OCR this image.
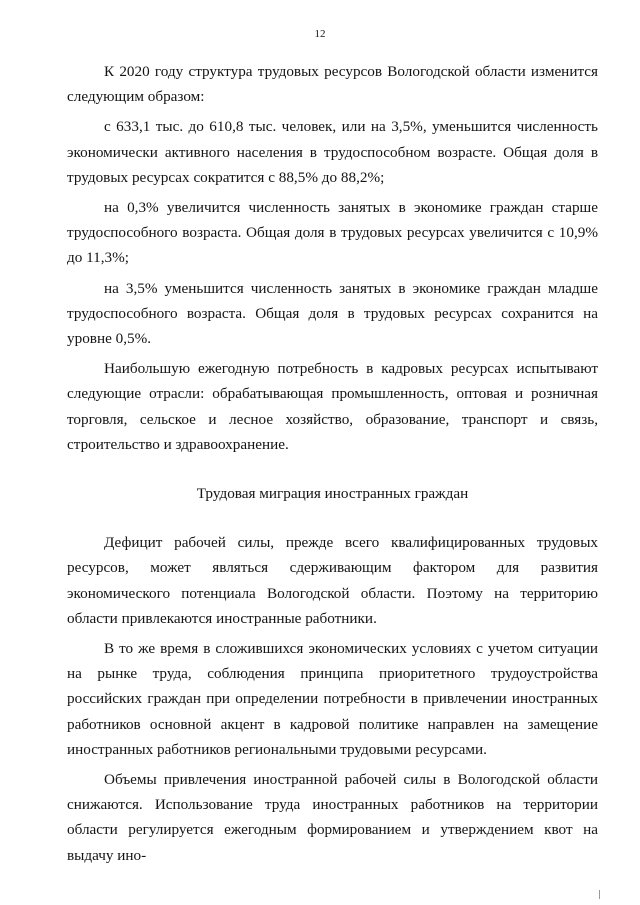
12

К 2020 году структура трудовых ресурсов Вологодской области изменится следующим образом:

с 633,1 тыс. до 610,8 тыс. человек, или на 3,5%, уменьшится численность экономически активного населения в трудоспособном возрасте. Общая доля в трудовых ресурсах сократится с 88,5% до 88,2%;

на 0,3% увеличится численность занятых в экономике граждан старше трудоспособного возраста. Общая доля в трудовых ресурсах увеличится с 10,9% до 11,3%;

на 3,5% уменьшится численность занятых в экономике граждан младше трудоспособного возраста. Общая доля в трудовых ресурсах сохранится на уровне 0,5%.

Наибольшую ежегодную потребность в кадровых ресурсах испытывают следующие отрасли: обрабатывающая промышленность, оптовая и розничная торговля, сельское и лесное хозяйство, образование, транспорт и связь, строительство и здравоохранение.

Трудовая миграция иностранных граждан

Дефицит рабочей силы, прежде всего квалифицированных трудовых ресурсов, может являться сдерживающим фактором для развития экономического потенциала Вологодской области. Поэтому на территорию области привлекаются иностранные работники.

В то же время в сложившихся экономических условиях с учетом ситуации на рынке труда, соблюдения принципа приоритетного трудоустройства российских граждан при определении потребности в привлечении иностранных работников основной акцент в кадровой политике направлен на замещение иностранных работников региональными трудовыми ресурсами.

Объемы привлечения иностранной рабочей силы в Вологодской области снижаются. Использование труда иностранных работников на территории области регулируется ежегодным формированием и утверждением квот на выдачу ино-
